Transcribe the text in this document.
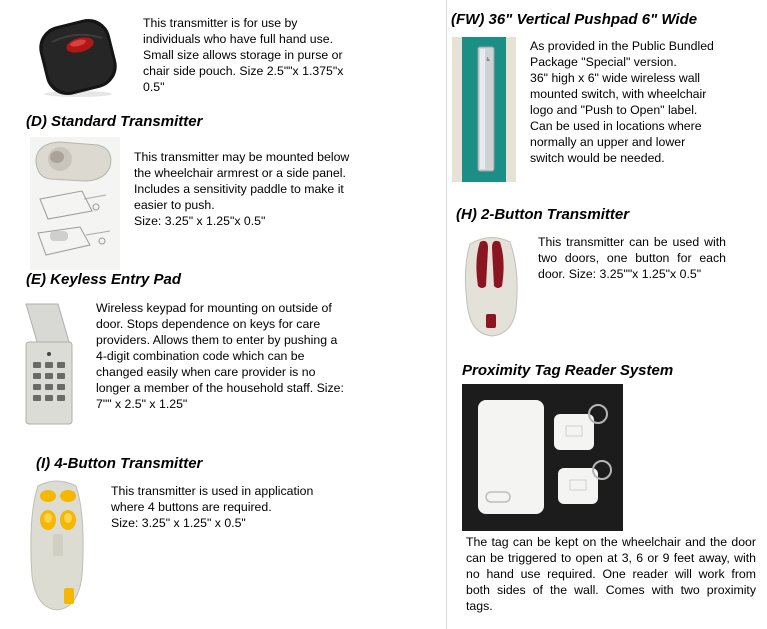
This transmitter is for use by
individuals who have full hand use.
Small size allows storage in purse or
chair side pouch. Size 2.5""x 1.375"x
0.5"
(D) Standard Transmitter
This transmitter may be mounted below
the wheelchair armrest or a side panel.
Includes a sensitivity paddle to make it
easier to push.
Size: 3.25" x 1.25"x 0.5"
(E) Keyless Entry Pad
Wireless keypad for mounting on outside of
door. Stops dependence on keys for care
providers. Allows them to enter by pushing a
4-digit combination code which can be
changed easily when care provider is no
longer a member of the household staff. Size:
7"" x 2.5" x 1.25"
(I) 4-Button Transmitter
This transmitter is used in application
where 4 buttons are required.
Size: 3.25" x 1.25" x 0.5"
(FW) 36" Vertical Pushpad 6" Wide
♿
As provided in the Public Bundled
Package "Special" version.
36" high x 6" wide wireless wall
mounted switch, with wheelchair
logo and "Push to Open" label.
Can be used in locations where
normally an upper and lower
switch would be needed.
(H) 2-Button Transmitter
This transmitter can be used with two doors, one button for each door. Size: 3.25""x 1.25"x 0.5"
Proximity Tag Reader System
The tag can be kept on the wheelchair and the door can be triggered to open at 3, 6 or 9 feet away, with no hand use required. One reader will work from both sides of the wall. Comes with two proximity tags.
